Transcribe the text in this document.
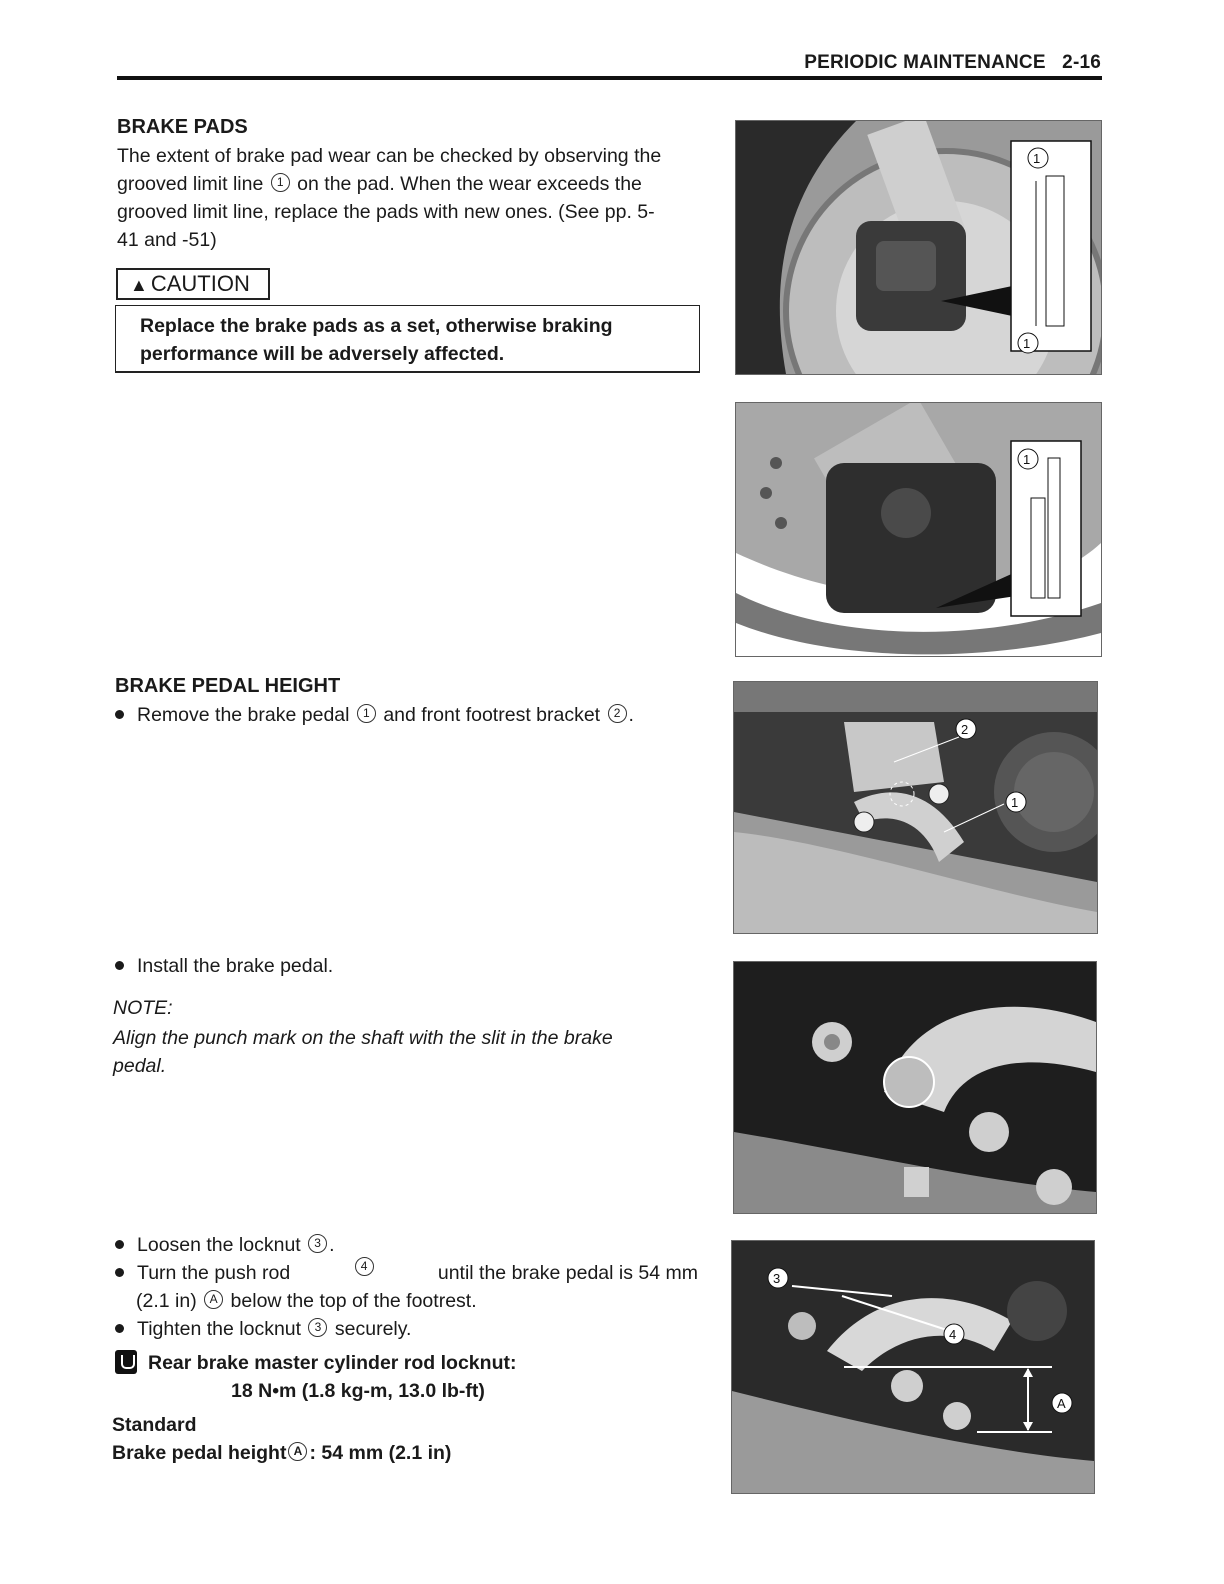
PERIODIC MAINTENANCE 2-16
BRAKE PADS
The extent of brake pad wear can be checked by observing the
grooved limit line 1 on the pad. When the wear exceeds the
grooved limit line, replace the pads with new ones. (See pp. 5-
41 and -51)
▲ CAUTION
Replace the brake pads as a set, otherwise braking
performance will be adversely affected.
BRAKE PEDAL HEIGHT
Remove the brake pedal 1 and front footrest bracket 2 .
Install the brake pedal.
NOTE:
Align the punch mark on the shaft with the slit in the brake
pedal.
Loosen the locknut 3 .
Turn the push rod	4	until the brake pedal is 54 mm
(2.1 in) A below the top of the footrest.
Tighten the locknut 3 securely.
Rear brake master cylinder rod locknut:
18 N•m (1.8 kg-m, 13.0 lb-ft)
Standard
Brake pedal height A : 54 mm (2.1 in)
1
1
1
2
1
3
4
A
